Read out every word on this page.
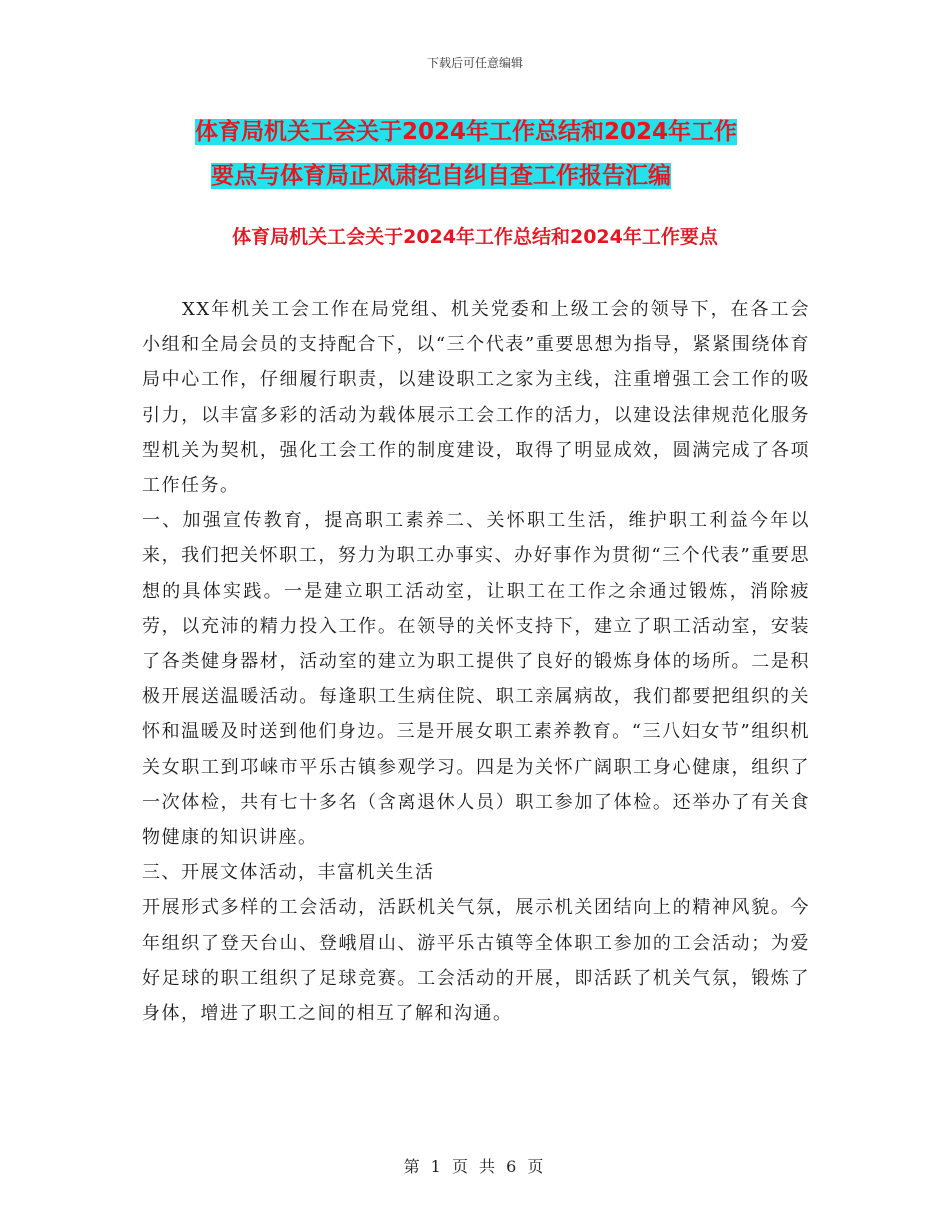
下载后可任意编辑
体育局机关工会关于2024年工作总结和2024年工作
要点与体育局正风肃纪自纠自查工作报告汇编
体育局机关工会关于2024年工作总结和2024年工作要点

XX年机关工会工作在局党组、机关党委和上级工会的领导下，在各工会小组和全局会员的支持配合下，以“三个代表”重要思想为指导，紧紧围绕体育局中心工作，仔细履行职责，以建设职工之家为主线，注重增强工会工作的吸引力，以丰富多彩的活动为载体展示工会工作的活力，以建设法律规范化服务型机关为契机，强化工会工作的制度建设，取得了明显成效，圆满完成了各项工作任务。

一、加强宣传教育，提高职工素养二、关怀职工生活，维护职工利益今年以来，我们把关怀职工，努力为职工办事实、办好事作为贯彻“三个代表”重要思想的具体实践。一是建立职工活动室，让职工在工作之余通过锻炼，消除疲劳，以充沛的精力投入工作。在领导的关怀支持下，建立了职工活动室，安装了各类健身器材，活动室的建立为职工提供了良好的锻炼身体的场所。二是积极开展送温暖活动。每逢职工生病住院、职工亲属病故，我们都要把组织的关怀和温暖及时送到他们身边。三是开展女职工素养教育。“三八妇女节”组织机关女职工到邛崃市平乐古镇参观学习。四是为关怀广阔职工身心健康，组织了一次体检，共有七十多名（含离退休人员）职工参加了体检。还举办了有关食物健康的知识讲座。

三、开展文体活动，丰富机关生活

开展形式多样的工会活动，活跃机关气氛，展示机关团结向上的精神风貌。今年组织了登天台山、登峨眉山、游平乐古镇等全体职工参加的工会活动；为爱好足球的职工组织了足球竞赛。工会活动的开展，即活跃了机关气氛，锻炼了身体，增进了职工之间的相互了解和沟通。

第 1 页 共 6 页
